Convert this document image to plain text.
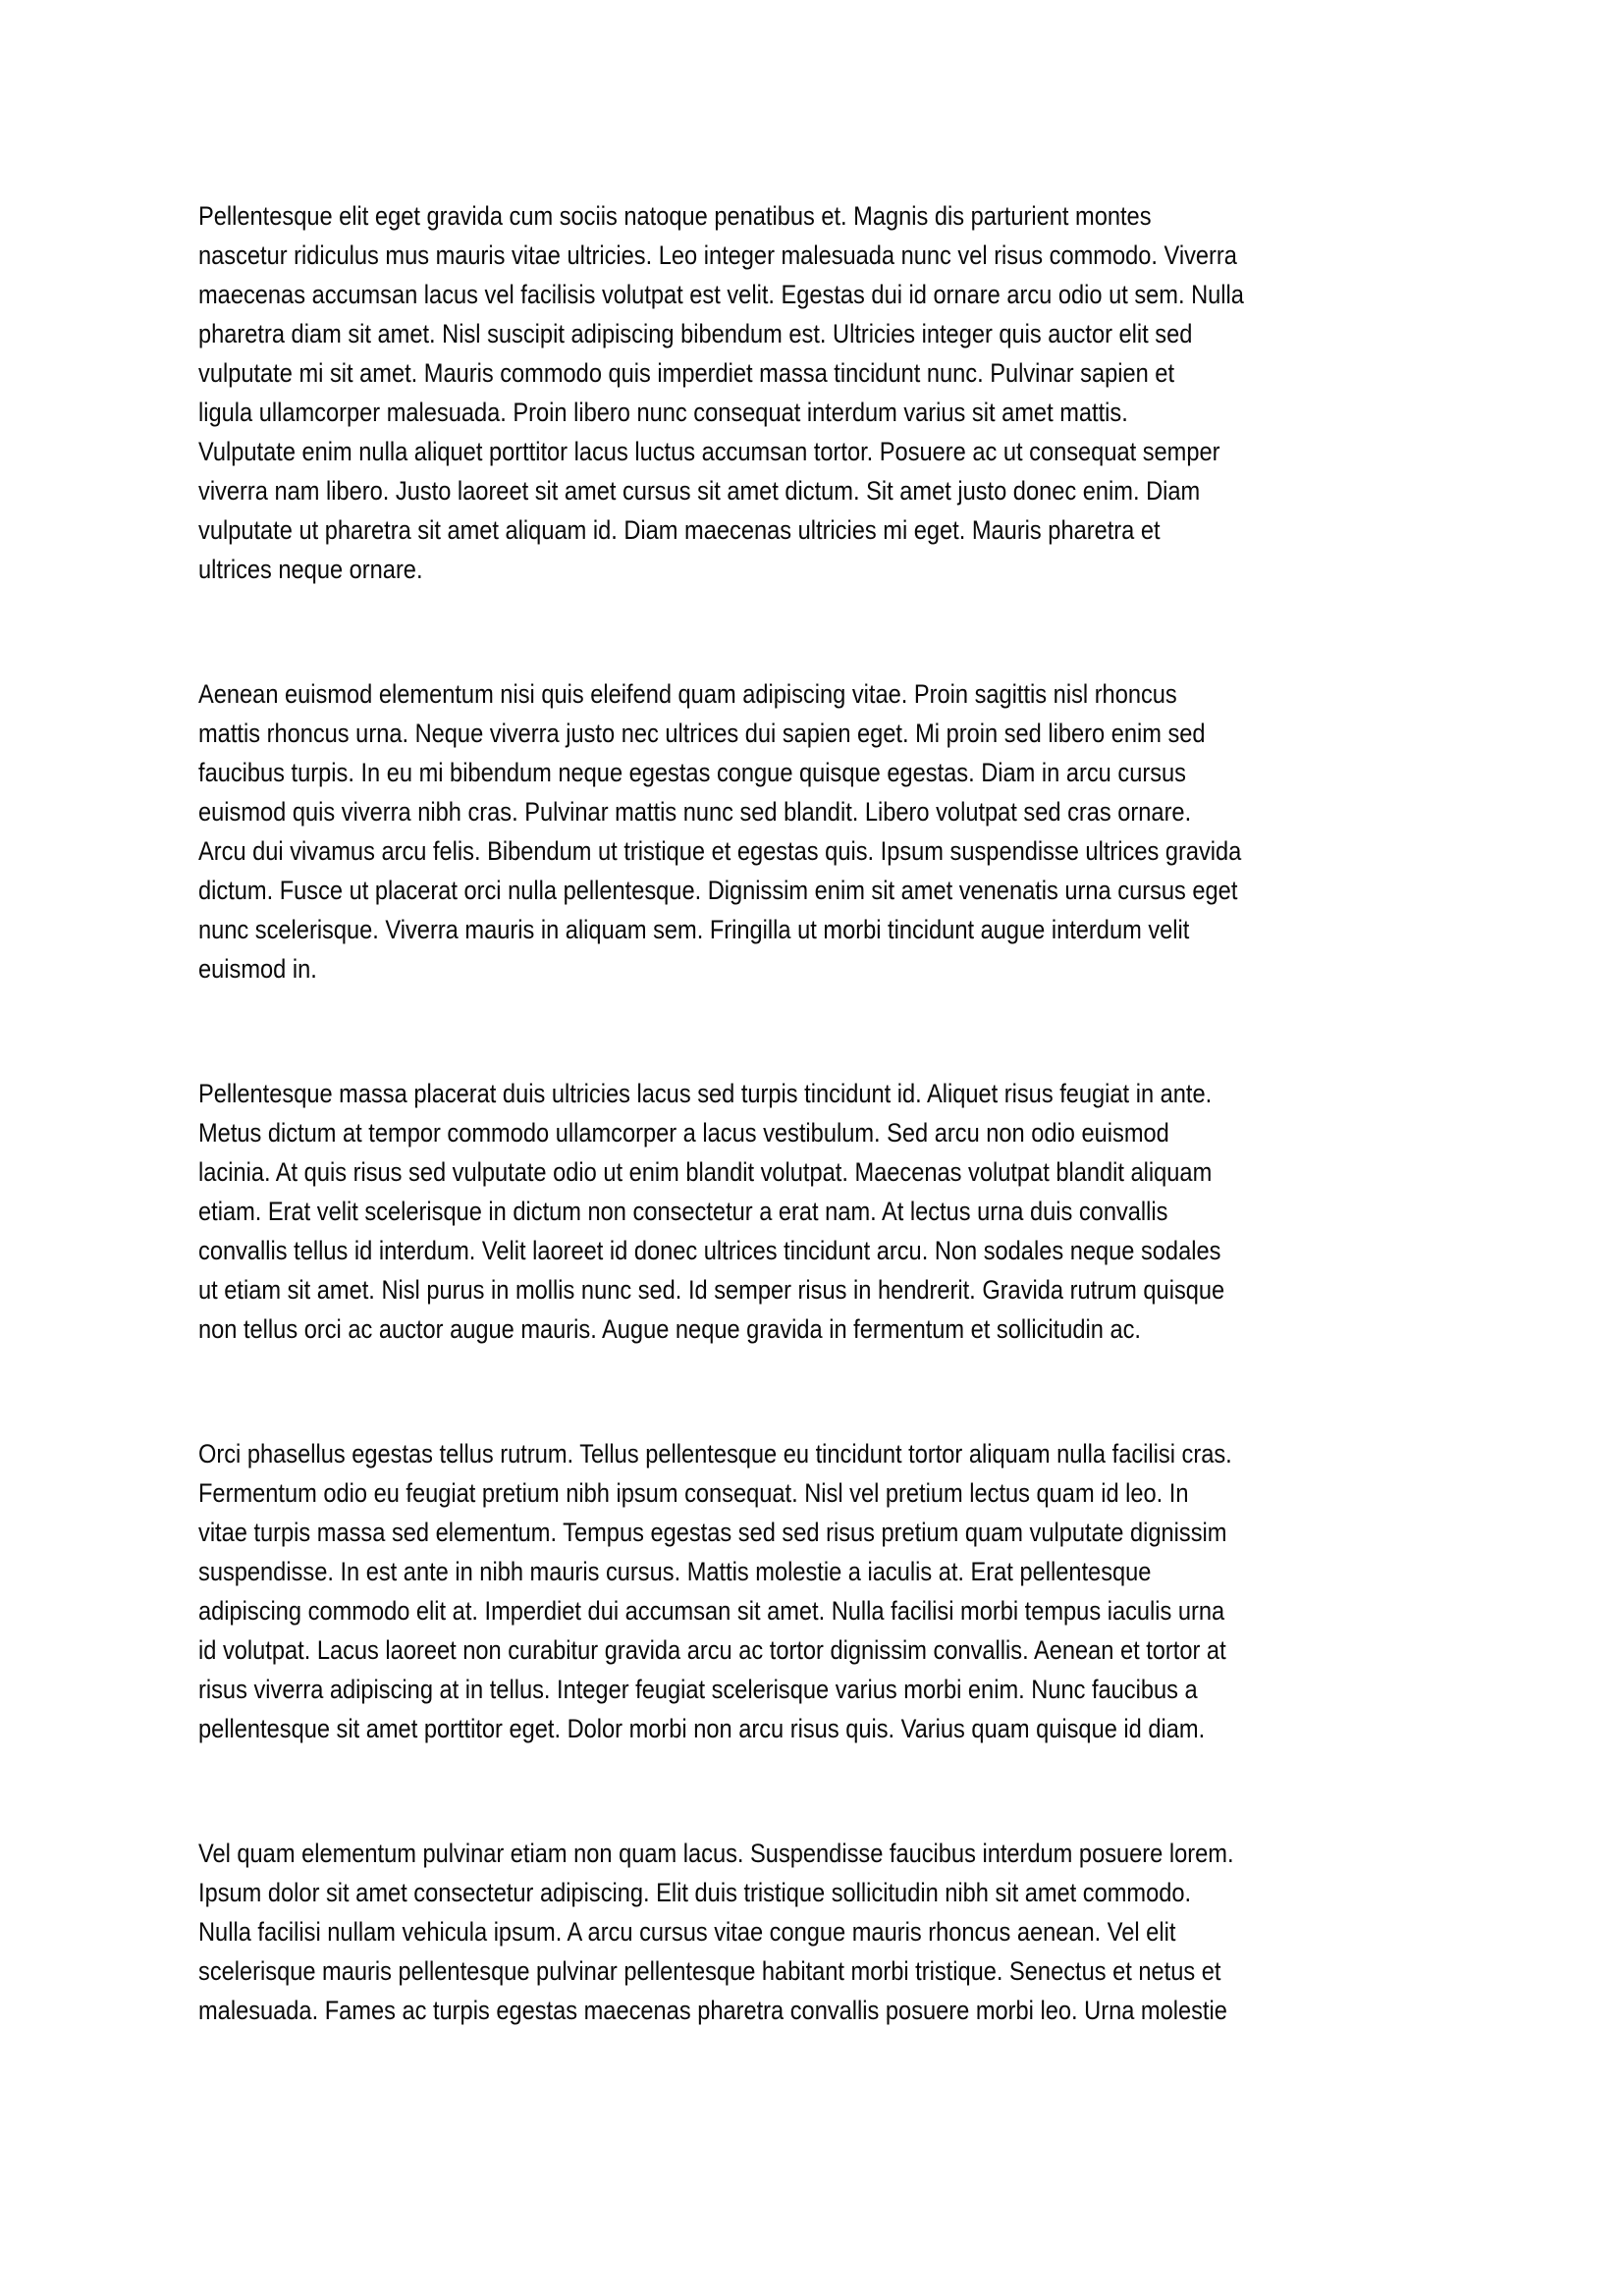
Pellentesque elit eget gravida cum sociis natoque penatibus et. Magnis dis parturient montes
nascetur ridiculus mus mauris vitae ultricies. Leo integer malesuada nunc vel risus commodo. Viverra
maecenas accumsan lacus vel facilisis volutpat est velit. Egestas dui id ornare arcu odio ut sem. Nulla
pharetra diam sit amet. Nisl suscipit adipiscing bibendum est. Ultricies integer quis auctor elit sed
vulputate mi sit amet. Mauris commodo quis imperdiet massa tincidunt nunc. Pulvinar sapien et
ligula ullamcorper malesuada. Proin libero nunc consequat interdum varius sit amet mattis.
Vulputate enim nulla aliquet porttitor lacus luctus accumsan tortor. Posuere ac ut consequat semper
viverra nam libero. Justo laoreet sit amet cursus sit amet dictum. Sit amet justo donec enim. Diam
vulputate ut pharetra sit amet aliquam id. Diam maecenas ultricies mi eget. Mauris pharetra et
ultrices neque ornare.
Aenean euismod elementum nisi quis eleifend quam adipiscing vitae. Proin sagittis nisl rhoncus
mattis rhoncus urna. Neque viverra justo nec ultrices dui sapien eget. Mi proin sed libero enim sed
faucibus turpis. In eu mi bibendum neque egestas congue quisque egestas. Diam in arcu cursus
euismod quis viverra nibh cras. Pulvinar mattis nunc sed blandit. Libero volutpat sed cras ornare.
Arcu dui vivamus arcu felis. Bibendum ut tristique et egestas quis. Ipsum suspendisse ultrices gravida
dictum. Fusce ut placerat orci nulla pellentesque. Dignissim enim sit amet venenatis urna cursus eget
nunc scelerisque. Viverra mauris in aliquam sem. Fringilla ut morbi tincidunt augue interdum velit
euismod in.
Pellentesque massa placerat duis ultricies lacus sed turpis tincidunt id. Aliquet risus feugiat in ante.
Metus dictum at tempor commodo ullamcorper a lacus vestibulum. Sed arcu non odio euismod
lacinia. At quis risus sed vulputate odio ut enim blandit volutpat. Maecenas volutpat blandit aliquam
etiam. Erat velit scelerisque in dictum non consectetur a erat nam. At lectus urna duis convallis
convallis tellus id interdum. Velit laoreet id donec ultrices tincidunt arcu. Non sodales neque sodales
ut etiam sit amet. Nisl purus in mollis nunc sed. Id semper risus in hendrerit. Gravida rutrum quisque
non tellus orci ac auctor augue mauris. Augue neque gravida in fermentum et sollicitudin ac.
Orci phasellus egestas tellus rutrum. Tellus pellentesque eu tincidunt tortor aliquam nulla facilisi cras.
Fermentum odio eu feugiat pretium nibh ipsum consequat. Nisl vel pretium lectus quam id leo. In
vitae turpis massa sed elementum. Tempus egestas sed sed risus pretium quam vulputate dignissim
suspendisse. In est ante in nibh mauris cursus. Mattis molestie a iaculis at. Erat pellentesque
adipiscing commodo elit at. Imperdiet dui accumsan sit amet. Nulla facilisi morbi tempus iaculis urna
id volutpat. Lacus laoreet non curabitur gravida arcu ac tortor dignissim convallis. Aenean et tortor at
risus viverra adipiscing at in tellus. Integer feugiat scelerisque varius morbi enim. Nunc faucibus a
pellentesque sit amet porttitor eget. Dolor morbi non arcu risus quis. Varius quam quisque id diam.
Vel quam elementum pulvinar etiam non quam lacus. Suspendisse faucibus interdum posuere lorem.
Ipsum dolor sit amet consectetur adipiscing. Elit duis tristique sollicitudin nibh sit amet commodo.
Nulla facilisi nullam vehicula ipsum. A arcu cursus vitae congue mauris rhoncus aenean. Vel elit
scelerisque mauris pellentesque pulvinar pellentesque habitant morbi tristique. Senectus et netus et
malesuada. Fames ac turpis egestas maecenas pharetra convallis posuere morbi leo. Urna molestie
